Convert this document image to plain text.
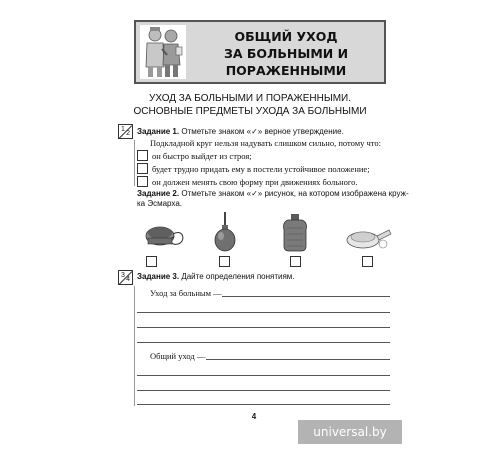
ОБЩИЙ УХОД
ЗА БОЛЬНЫМИ И ПОРАЖЕННЫМИ
УХОД ЗА БОЛЬНЫМИ И ПОРАЖЕННЫМИ.
ОСНОВНЫЕ ПРЕДМЕТЫ УХОДА ЗА БОЛЬНЫМИ
1
2 Задание 1. Отметьте знаком «✓» верное утверждение.
Подкладной круг нельзя надувать слишком сильно, потому что:
он быстро выйдет из строя;
будет трудно придать ему в постели устойчивое положение;
он должен менять свою форму при движениях больного.
Задание 2. Отметьте знаком «✓» рисунок, на котором изображена круж-
ка Эсмарха.
3
4 Задание 3. Дайте определения понятиям.
Уход за больным —
Общий уход —
4
universal.by
